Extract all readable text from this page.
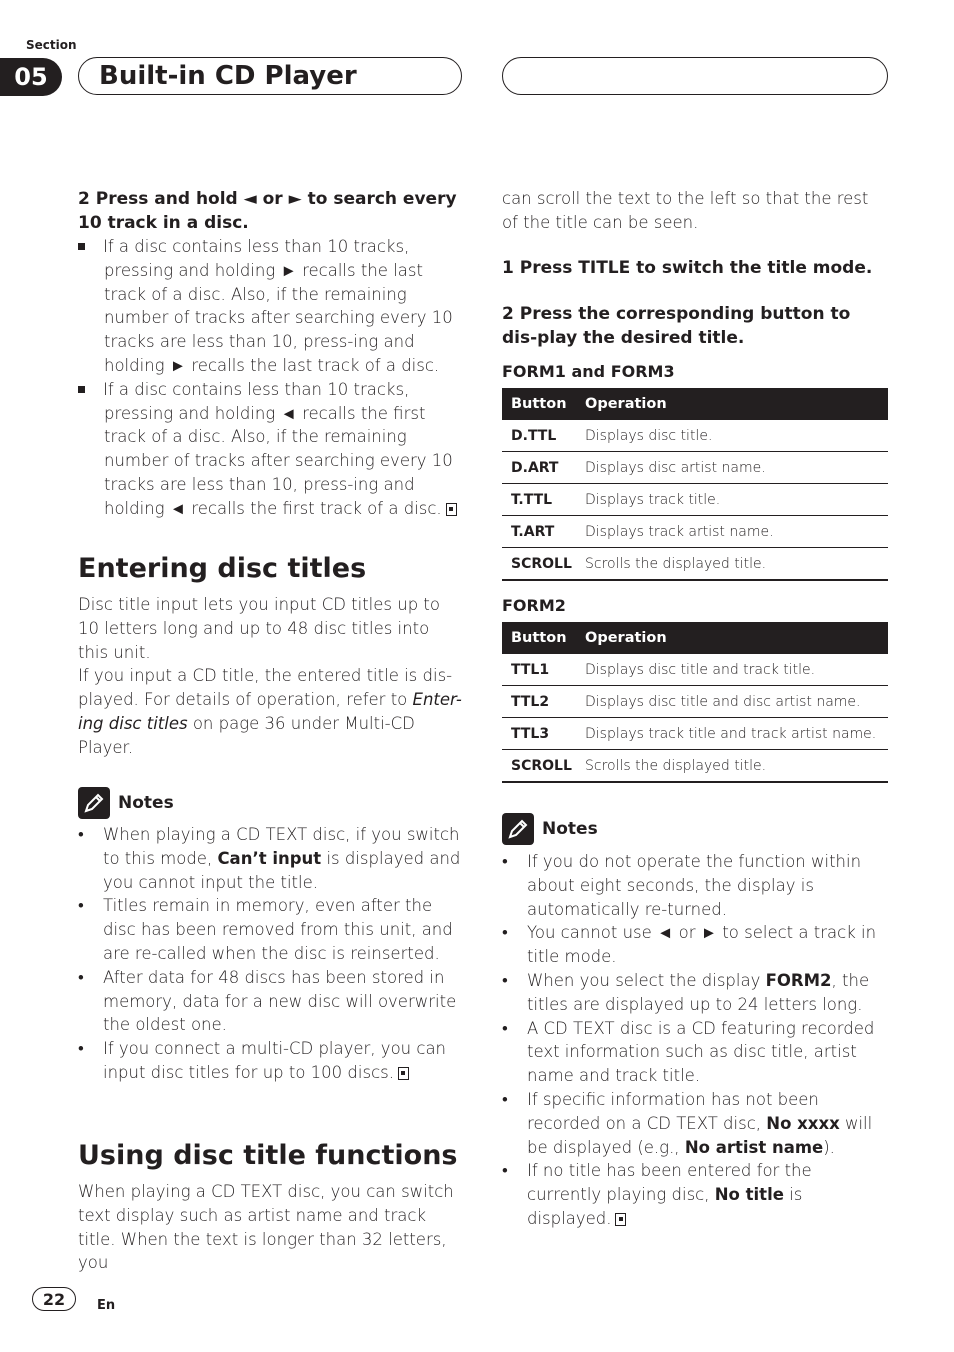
Section
05	Built-in CD Player

2 Press and hold ◄ or ► to search every 10 track in a disc.

If a disc contains less than 10 tracks, pressing and holding ► recalls the last track of a disc. Also, if the remaining number of tracks after searching every 10 tracks are less than 10, press-ing and holding ► recalls the last track of a disc.

If a disc contains less than 10 tracks, pressing and holding ◄ recalls the first track of a disc. Also, if the remaining number of tracks after searching every 10 tracks are less than 10, press-ing and holding ◄ recalls the first track of a disc.

Entering disc titles

Disc title input lets you input CD titles up to 10 letters long and up to 48 disc titles into this unit.

If you input a CD title, the entered title is dis-played. For details of operation, refer to Enter-ing disc titles on page 36 under Multi-CD Player.

Notes
• When playing a CD TEXT disc, if you switch to this mode, Can’t input is displayed and you cannot input the title.
• Titles remain in memory, even after the disc has been removed from this unit, and are re-called when the disc is reinserted.
• After data for 48 discs has been stored in memory, data for a new disc will overwrite the oldest one.
• If you connect a multi-CD player, you can input disc titles for up to 100 discs.
Using disc title functions

When playing a CD TEXT disc, you can switch text display such as artist name and track title. When the text is longer than 32 letters, you

can scroll the text to the left so that the rest of the title can be seen.

1 Press TITLE to switch the title mode.
2 Press the corresponding button to dis-play the desired title.
FORM1 and FORM3
Button	Operation
D.TTL	Displays disc title.
D.ART	Displays disc artist name.
T.TTL	Displays track title.
T.ART	Displays track artist name.
SCROLL	Scrolls the displayed title.
FORM2
Button	Operation
TTL1	Displays disc title and track title.
TTL2	Displays disc title and disc artist name.
TTL3	Displays track title and track artist name.
SCROLL	Scrolls the displayed title.
Notes
• If you do not operate the function within about eight seconds, the display is automatically re-turned.
• You cannot use ◄ or ► to select a track in title mode.
• When you select the display FORM2, the titles are displayed up to 24 letters long.
• A CD TEXT disc is a CD featuring recorded text information such as disc title, artist name and track title.
• If specific information has not been recorded on a CD TEXT disc, No xxxx will be displayed (e.g., No artist name).
• If no title has been entered for the currently playing disc, No title is displayed.
22	En
